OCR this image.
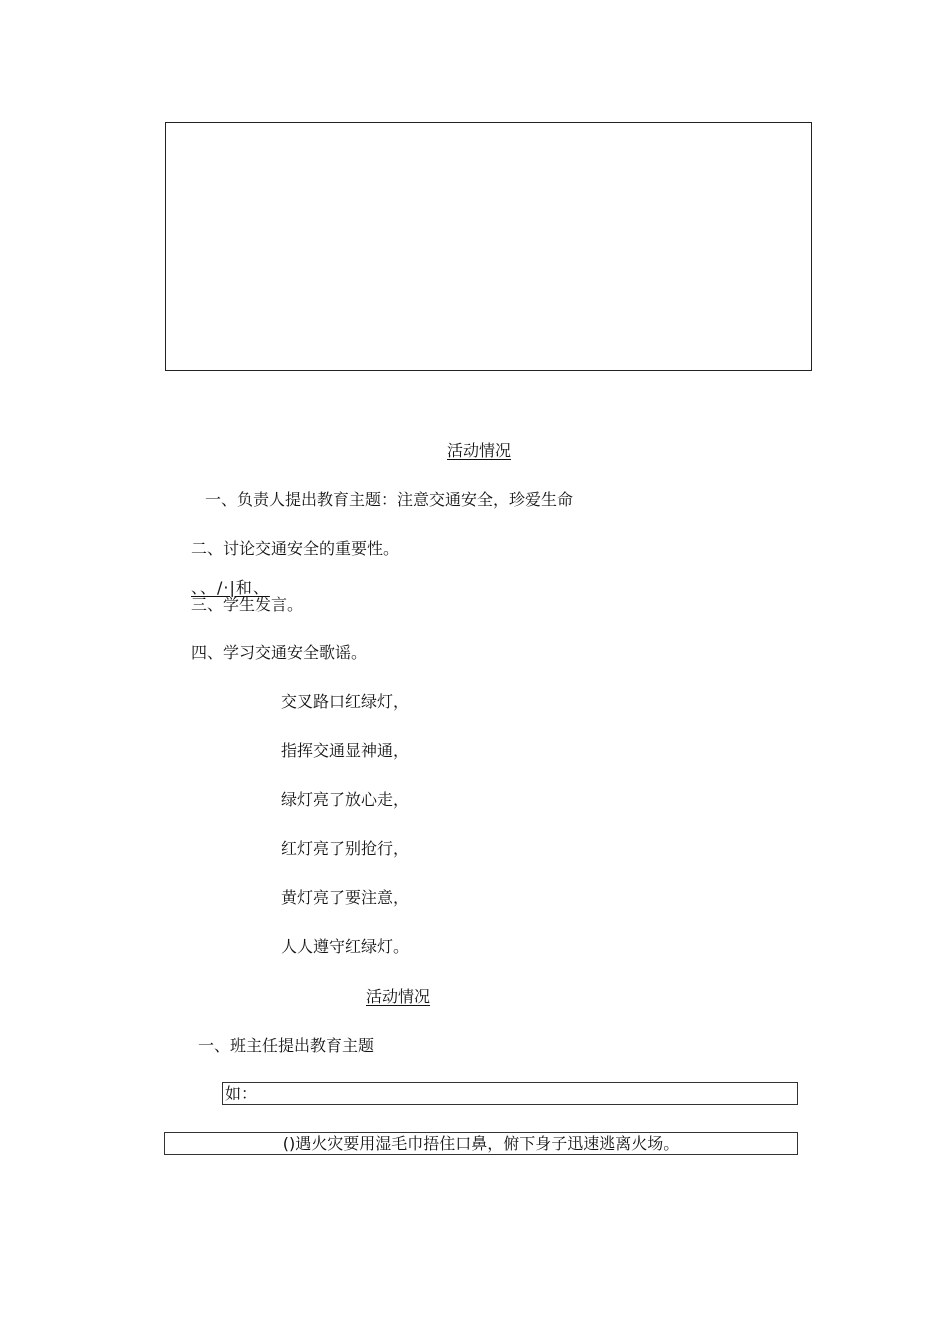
活动情况
一、负责人提出教育主题：注意交通安全，珍爱生命
二、讨论交通安全的重要性。
、、/·|和、
三、学生发言。
四、学习交通安全歌谣。
交叉路口红绿灯，
指挥交通显神通，
绿灯亮了放心走，
红灯亮了别抢行，
黄灯亮了要注意，
人人遵守红绿灯。
活动情况
一、班主任提出教育主题
如：
()遇火灾要用湿毛巾捂住口鼻，俯下身子迅速逃离火场。
